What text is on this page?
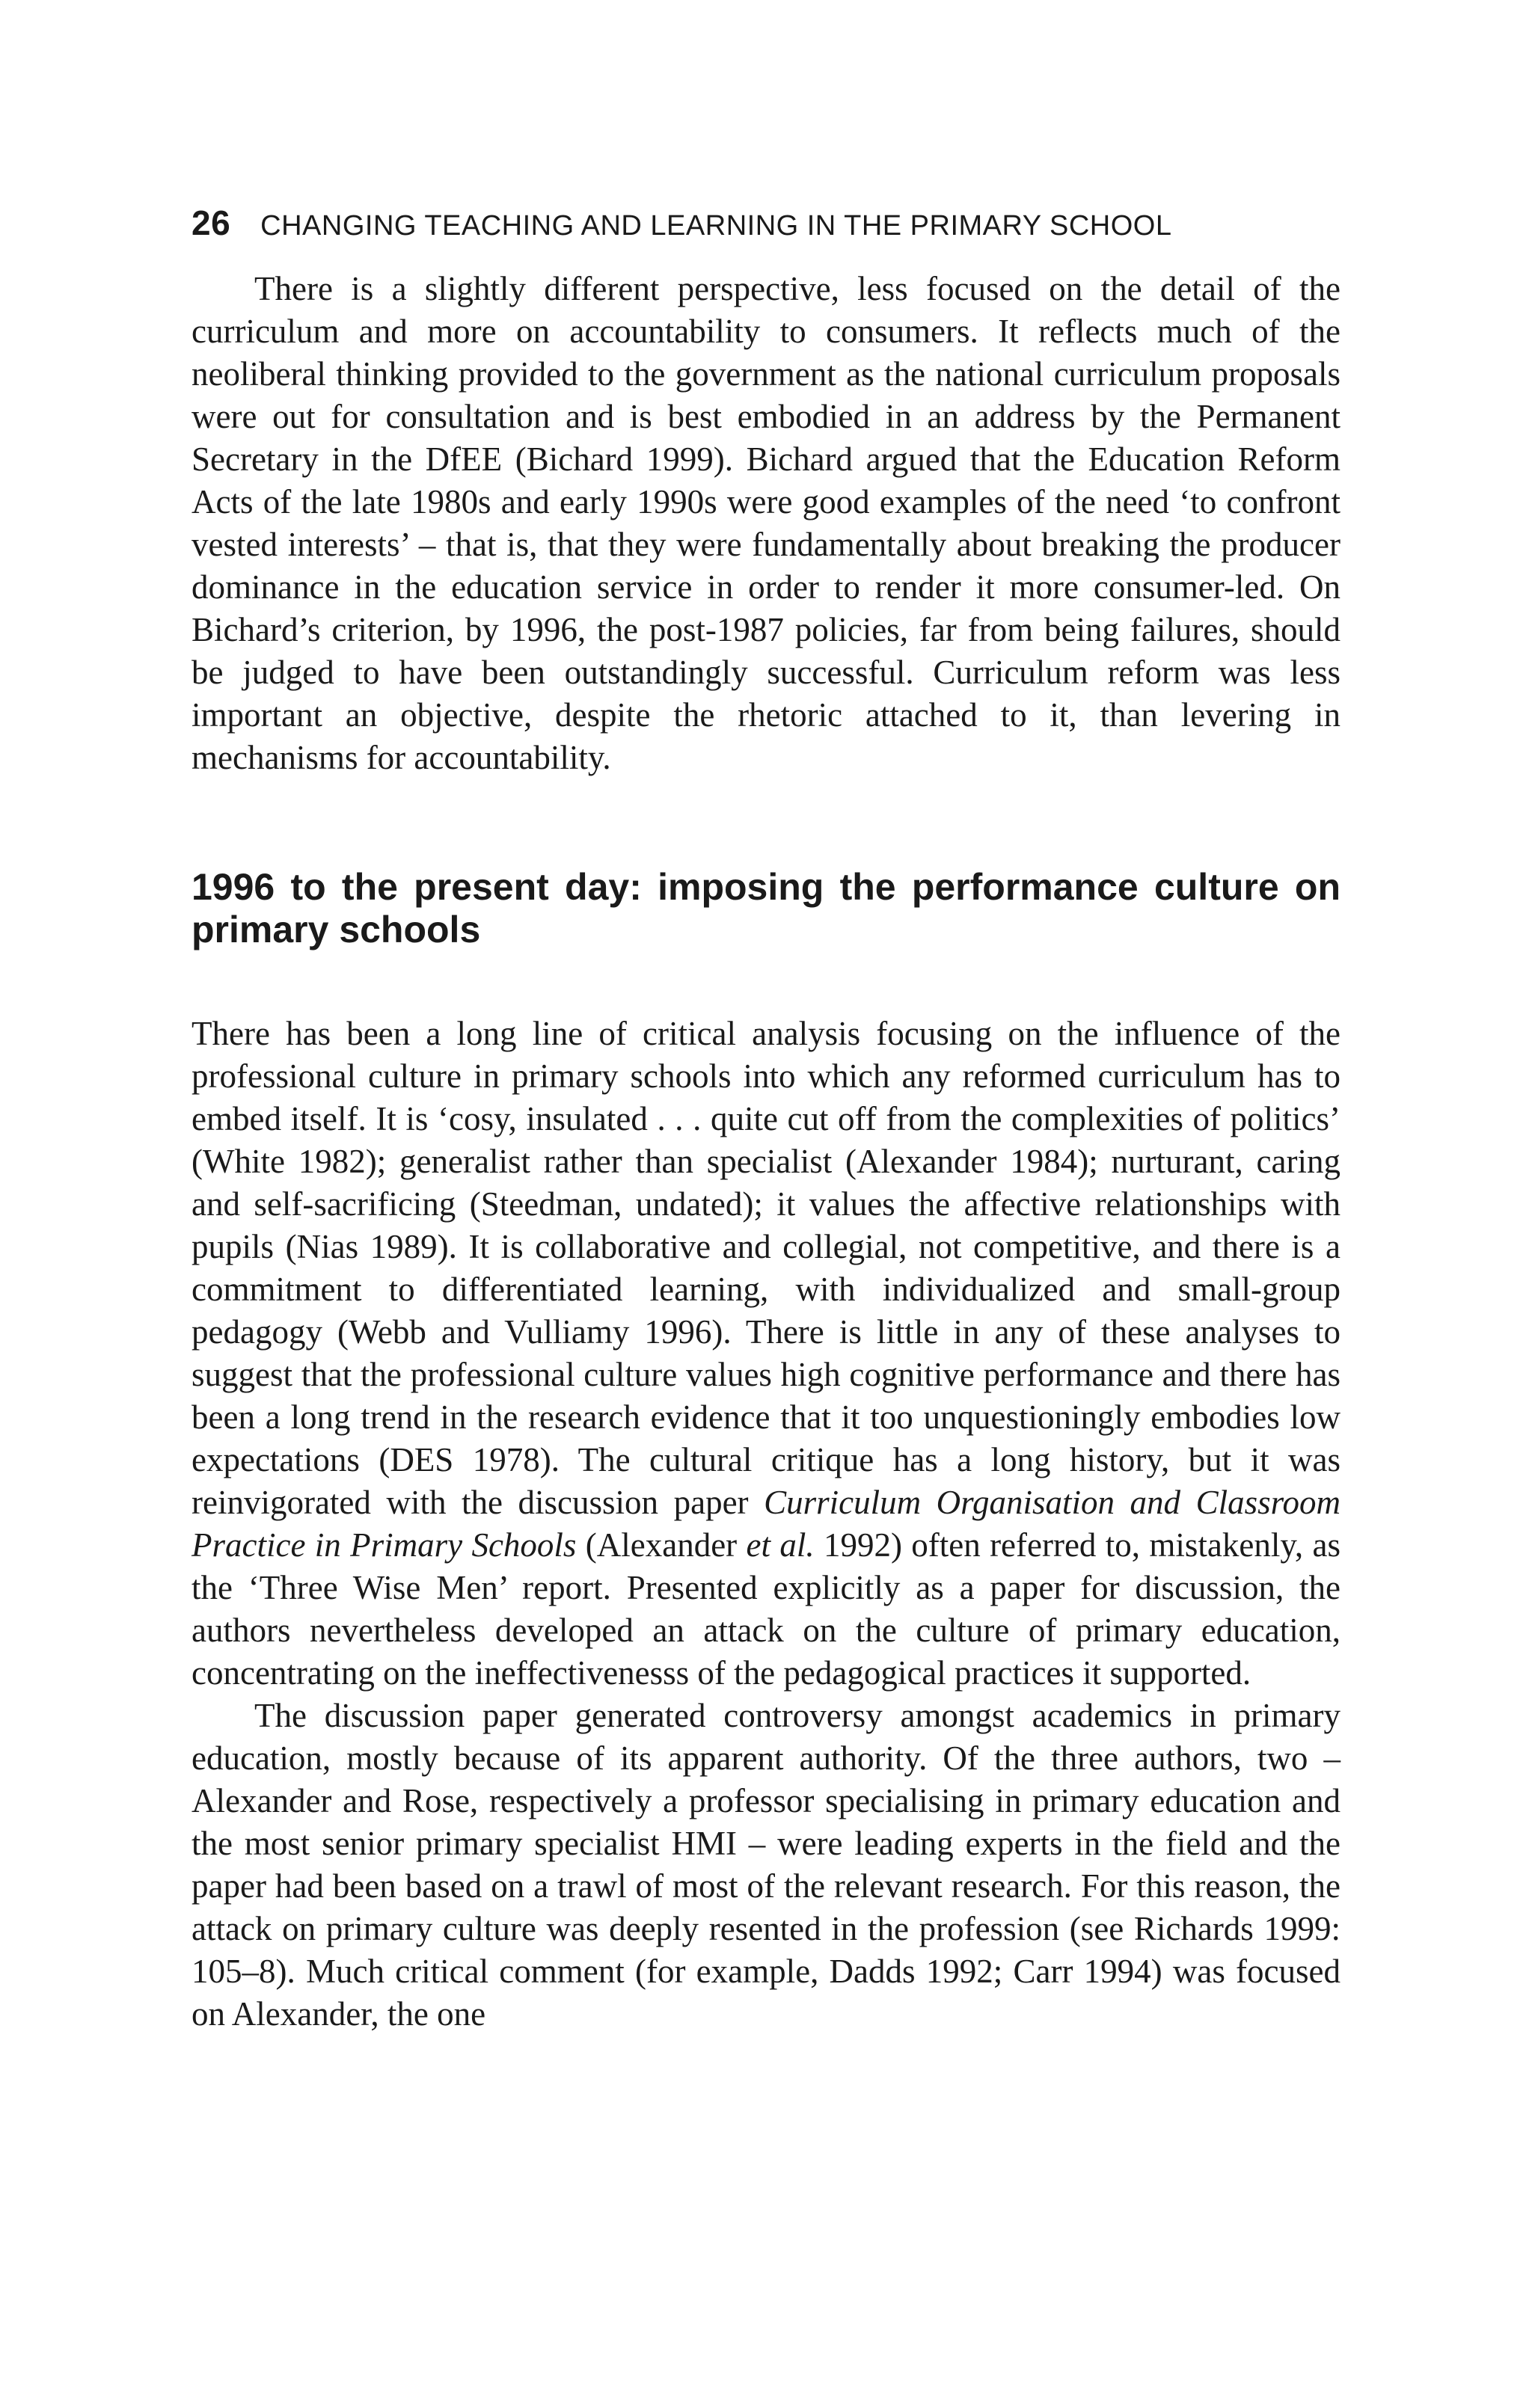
26 CHANGING TEACHING AND LEARNING IN THE PRIMARY SCHOOL

There is a slightly different perspective, less focused on the detail of the curriculum and more on accountability to consumers. It reflects much of the neoliberal thinking provided to the government as the national curriculum proposals were out for consultation and is best embodied in an address by the Permanent Secretary in the DfEE (Bichard 1999). Bichard argued that the Education Reform Acts of the late 1980s and early 1990s were good examples of the need ‘to confront vested interests’ – that is, that they were fundamentally about breaking the producer dominance in the education service in order to render it more consumer-led. On Bichard’s criterion, by 1996, the post-1987 policies, far from being failures, should be judged to have been outstandingly successful. Curriculum reform was less important an objective, despite the rhetoric attached to it, than levering in mechanisms for accountability.

1996 to the present day: imposing the performance culture on primary schools

There has been a long line of critical analysis focusing on the influence of the professional culture in primary schools into which any reformed curriculum has to embed itself. It is ‘cosy, insulated . . . quite cut off from the complexities of politics’ (White 1982); generalist rather than specialist (Alexander 1984); nurturant, caring and self-sacrificing (Steedman, undated); it values the affective relationships with pupils (Nias 1989). It is collaborative and collegial, not competitive, and there is a commitment to differentiated learning, with individualized and small-group pedagogy (Webb and Vulliamy 1996). There is little in any of these analyses to suggest that the professional culture values high cognitive performance and there has been a long trend in the research evidence that it too unquestioningly embodies low expectations (DES 1978). The cultural critique has a long history, but it was reinvigorated with the discussion paper Curriculum Organisation and Classroom Practice in Primary Schools (Alexander et al. 1992) often referred to, mistakenly, as the ‘Three Wise Men’ report. Presented explicitly as a paper for discussion, the authors nevertheless developed an attack on the culture of primary education, concentrating on the ineffectivenesss of the pedagogical practices it supported.

The discussion paper generated controversy amongst academics in primary education, mostly because of its apparent authority. Of the three authors, two – Alexander and Rose, respectively a professor specialising in primary education and the most senior primary specialist HMI – were leading experts in the field and the paper had been based on a trawl of most of the relevant research. For this reason, the attack on primary culture was deeply resented in the profession (see Richards 1999: 105–8). Much critical comment (for example, Dadds 1992; Carr 1994) was focused on Alexander, the one
